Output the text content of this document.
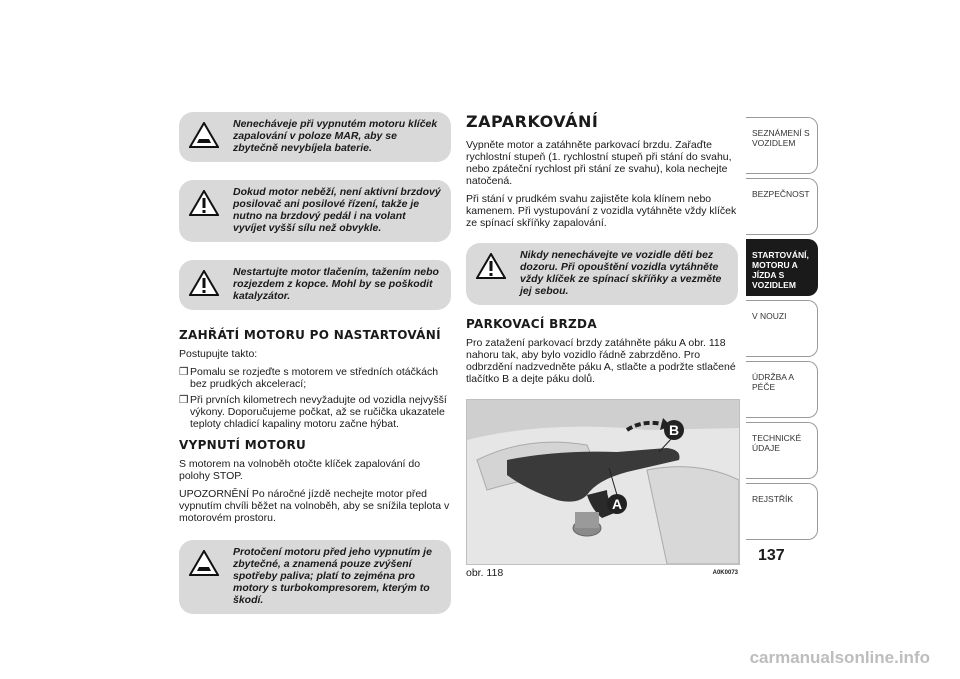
Nenecháveje při vypnutém motoru klíček zapalování v poloze MAR, aby se zbytečně nevybíjela baterie.
Dokud motor neběží, není aktivní brzdový posilovač ani posilové řízení, takže je nutno na brzdový pedál i na volant vyvíjet vyšší sílu než obvykle.
Nestartujte motor tlačením, tažením nebo rozjezdem z kopce. Mohl by se poškodit katalyzátor.
ZAHŘÁTÍ MOTORU PO NASTARTOVÁNÍ
Postupujte takto:
❒ Pomalu se rozjeďte s motorem ve středních otáčkách bez prudkých akcelerací;
❒ Při prvních kilometrech nevyžadujte od vozidla nejvyšší výkony. Doporučujeme počkat, až se ručička ukazatele teploty chladicí kapaliny motoru začne hýbat.
VYPNUTÍ MOTORU
S motorem na volnoběh otočte klíček zapalování do polohy STOP.
UPOZORNĚNÍ Po náročné jízdě nechejte motor před vypnutím chvíli běžet na volnoběh, aby se snížila teplota v motorovém prostoru.
Protočení motoru před jeho vypnutím je zbytečné, a znamená pouze zvýšení spotřeby paliva; platí to zejména pro motory s turbokompresorem, kterým to škodí.
ZAPARKOVÁNÍ
Vypněte motor a zatáhněte parkovací brzdu. Zařaďte rychlostní stupeň (1. rychlostní stupeň při stání do svahu, nebo zpáteční rychlost při stání ze svahu), kola nechejte natočená.
Při stání v prudkém svahu zajistěte kola klínem nebo kamenem. Při vystupování z vozidla vytáhněte vždy klíček ze spínací skříňky zapalování.
Nikdy nenechávejte ve vozidle děti bez dozoru. Při opouštění vozidla vytáhněte vždy klíček ze spínací skříňky a vezměte jej sebou.
PARKOVACÍ BRZDA
Pro zatažení parkovací brzdy zatáhněte páku A obr. 118 nahoru tak, aby bylo vozidlo řádně zabrzděno. Pro odbrzdění nadzvedněte páku A, stlačte a podržte stlačené tlačítko B a dejte páku dolů.
B
A
obr. 118	A0K0073
SEZNÁMENÍ S VOZIDLEM
BEZPEČNOST
STARTOVÁNÍ, MOTORU A JÍZDA S VOZIDLEM
V NOUZI
ÚDRŽBA A PÉČE
TECHNICKÉ ÚDAJE
REJSTŘÍK
137
carmanualsonline.info
